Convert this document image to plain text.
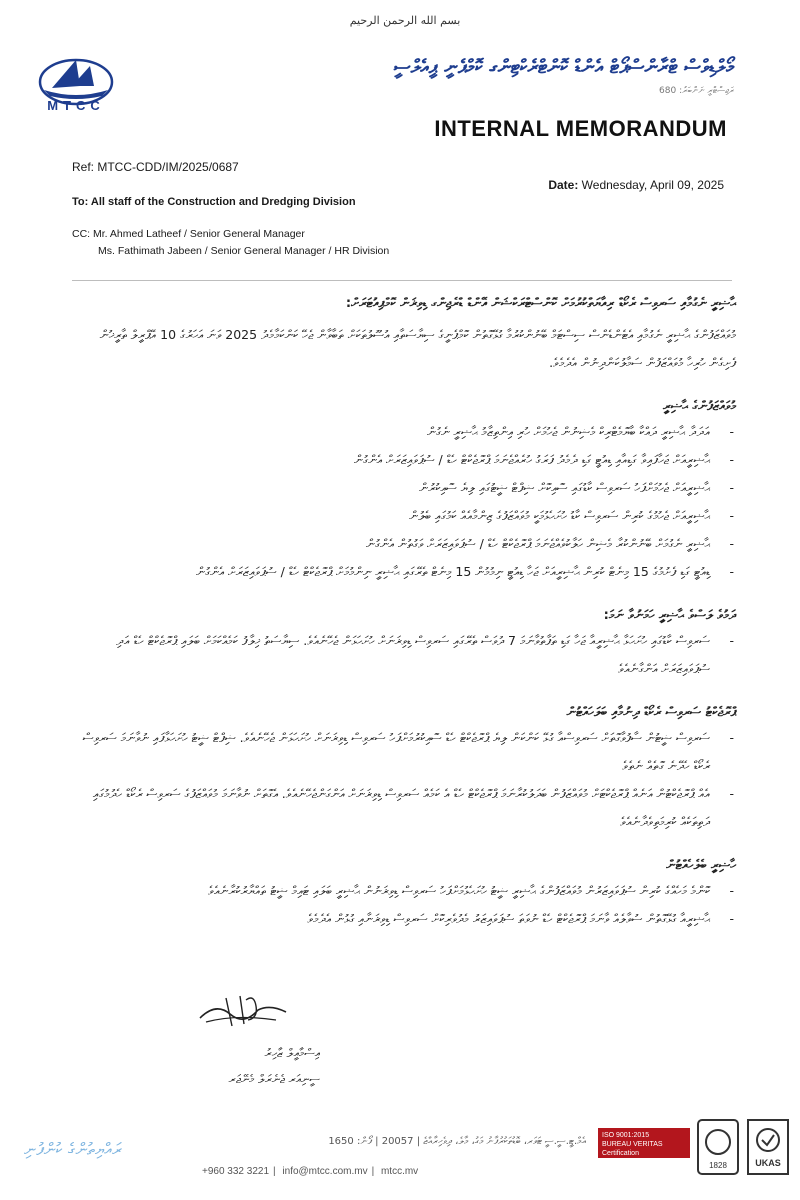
بسم الله الرحمن الرحيم
MTCC
މޯލްޑިވްސް ޓްރާންސްޕޯޓް އެންޑް ކޮންޓްރެކްޓިންގ ކޮމްޕެނީ ޕީއެލްސީ
ރަޖިސްޓްރީ ނަންބަރު: 680
INTERNAL MEMORANDUM
Ref: MTCC-CDD/IM/2025/0687
Date: Wednesday, April 09, 2025
To: All staff of the Construction and Dredging Division
CC: Mr. Ahmed Latheef / Senior General Manager
Ms. Fathimath Jabeen / Senior General Manager / HR Division
ޙާޟިރީ ނެގުމާއި ސަރވިސް ރެކޯޑް ރިއާޔަތްކުރުމަށް ކޮންސްޓްރަކްޝަން އޭންޑް ޑްރެޖިންގ ޑިވިޜަން ކޮމްޕިއުޓަރަށް:
މުވައްޒަފުންގެ ޙާޟިރީ ނެގުމާއި އެޓެންޑެންސް ސިސްޓަމް ބޭނުންކުރުމާ ގުޅޭގޮތުން ކޮމްޕެނީގެ ސިޔާސަތާއި އުސޫލުތަކަށް ތަބާވާން ޖެހޭ ކަންކަމާމެދު 2025 ވަނަ އަހަރުގެ 10 އޭޕްރީލް ތާރީޚުން ފެށިގެން ހުރިހާ މުވައްޒަފުން ސަމާލުކަންދިނުން އެދެމެވެ.
މުވައްޒަފުންގެ ޙާޟިރީ
- އަދަދާ ޙާޟިރީ ދައްކާ ބާޔޮމެޓްރިކް މެޝިނުން ޖެހުމަށް ހުރި އިންތިޒާމު ޙާޟިރީ ނެގުން
- ޙާޟިރީއަށް ޖަހާފައިވާ ގަޑިއާއި ޑިއުޓީ ގަޑި ދެމެދު ފަރަގު ހުރެއްޖެނަމަ ޕްރޮޖެކްޓް ހެޑް / ސުޕަވައިޒަރަށް އެންގުން
- ޙާޟިރީއަށް ޖެހުމަށްފަހު ސަރވިސް ކާޑުގައި ސޮއިކޮށް ޝިފްޓް ޝީޓުގައި ލިޔެ ސޮއިކުރުން
- ޙާޟިރީއަށް ޖެހުމުގެ ކުރިން ސަރވިސް ކާޑު ހުށަހެޅުމަކީ މުވައްޒަފުގެ ޒިންމާއެއް ކަމުގައި ބެލުން
- ޙާޟިރީ ނެގުމަށް ބޭނުންކުރާ މެޝިން ހަލާކުވެއްޖެނަމަ ޕްރޮޖެކްޓް ހެޑް / ސުޕަވައިޒަރަށް ވަގުތުން އެންގުން
- ޑިއުޓީ ގަޑި ފެށުމުގެ 15 މިނެޓް ކުރިން ޙާޟިރީއަށް ޖަހާ ޑިއުޓީ ނިމުމުން 15 މިނެޓް ތެރޭގައި ޙާޟިރީ ނިންމުމަށް ޕްރޮޖެކްޓް ހެޑް / ސުޕަވައިޒަރަށް އެންގުން
ދަމުވެ ލަސްވެ ޙާޟިރީ ހަމަނުވާ ނަމަ:
- ސަރވިސް ކާޑުގައި ހުށަހަޅާ ޙާޟިރީއާ ޖަހާ ގަޑި ތަފާތުވާނަމަ 7 ދުވަސް ތެރޭގައި ސަރވިސް ޑިވިޜަނަށް ހުށަހަޅަން ޖެހޭނެއެވެ. ސިޔާސަތު ޚިލާފު ކަމެއްކަމަށް ބަލައި ޕްރޮޖެކްޓް ހެޑް އަދި ސުޕަވައިޒަރަށް އަންގާނެއެވެ
ޕްރޮޖެކްޓު ސަރވިސް ރެކޯޑް ދިނުމާއި ބަލަހައްޓުން
- ސަރވިސް ޝީޓުން ސާފުވާގޮތަށް ސަރވިސްއާ ގުޅޭ ކަންކަން ލިޔެ ޕްރޮޖެކްޓް ހެޑް ސޮއިކުރުމަށްފަހު ސަރވިސް ޑިވިޜަނަށް ހުށަހަޅަން ޖެހޭނެއެވެ. ޝިފްޓް ޝީޓު ހުށަހަޅާފައި ނުވާނަމަ ސަރވިސް ރެކޯޑް ހެދޭނެ ގޮތެއް ނެތެވެ
- އެއް ޕްރޮޖެކްޓުން އަނެއް ޕްރޮޖެކްޓަށް މުވައްޒަފުން ބަދަލުކުރާނަމަ ޕްރޮޖެކްޓް ހެޑް އެ ކަމެއް ސަރވިސް ޑިވިޜަނަށް އަންގަންޖެހޭނެއެވެ. އެގޮތަށް ނުވާނަމަ މުވައްޒަފުގެ ސަރވިސް ރެކޯޑް ހެދުމުގައި ދަތިތަކެއް ކުރިމަތިވެދާނެއެވެ
ހާޟިރީ ބެލެހެއްޓުން
- ކޮންމެ މަހެއްގެ ކުރިން ސުޕަވައިޒަރުން މުވައްޒަފުންގެ ޙާޟިރީ ޝީޓު ހުށަހެޅުމަށްފަހު ސަރވިސް ޑިވިޜަނުން ޙާޟިރީ ބަލައި ޓައިމް ޝީޓު ތައްޔާރުކުރާނެއެވެ
- ޙާޟިރީއާ ގުޅޭގޮތުން ސުވާލެއް ވާނަމަ ޕްރޮޖެކްޓް ހެޑް ނުވަތަ ސުޕަވައިޒަރު މެދުވެރިކޮށް ސަރވިސް ޑިވިޜަނާއި ގުޅުން އެދެމެވެ
އިސްމާއީލް ޒާހިރު
ސީނިއަރ ޖެނެރަލް މެނޭޖަރ
ރައްޔިތުންގެ ކުންފުނި	އެމް.ޓީ.ސީ.ސީ ޓަވަރ، ބޮޑުތަކުރުފާނު މަގު، މާލެ، ދިވެހިރާއްޖެ | 20057 | ފޯން: 1650
+960 332 3221 | info@mtcc.com.mv | mtcc.mv
ISO 9001:2015
BUREAU VERITAS
Certification
1828	UKAS
